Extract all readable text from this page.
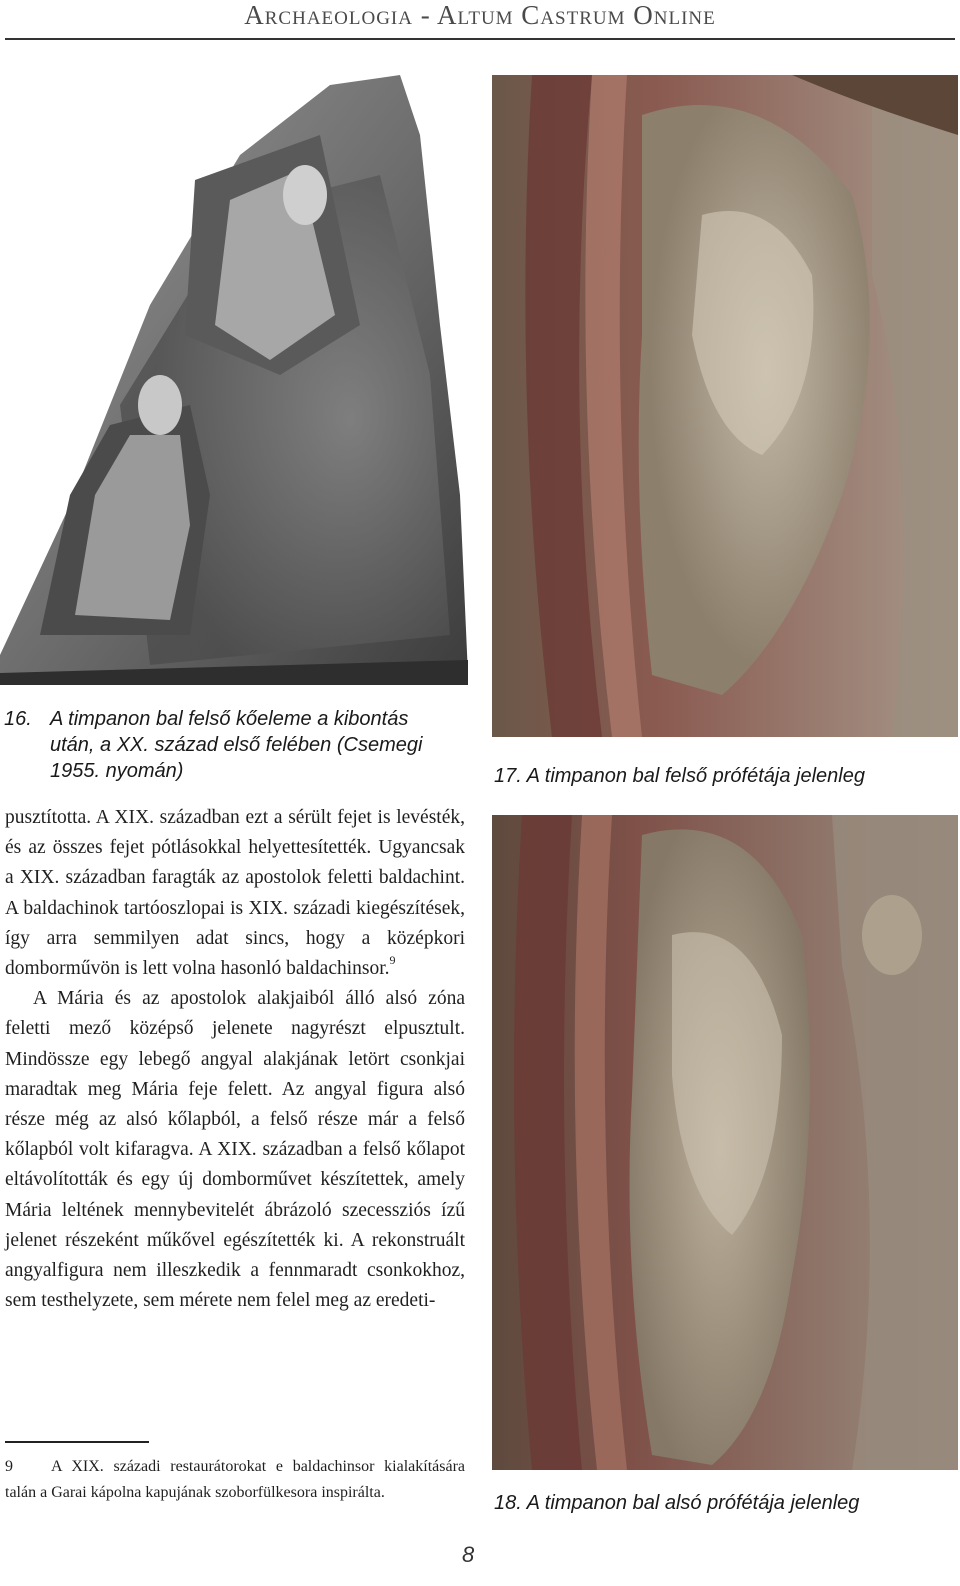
Archaeologia - Altum Castrum Online
16. A timpanon bal felső kőeleme a kibontás
után, a XX. század első felében (Csemegi
1955. nyomán)	17. A timpanon bal felső prófétája jelenleg
18. A timpanon bal alsó prófétája jelenleg

pusztította. A XIX. században ezt a sérült fejet is levésték, és az összes fejet pótlásokkal helyettesítették. Ugyancsak a XIX. században faragták az apostolok feletti baldachint. A baldachinok tartóoszlopai is XIX. századi kiegészítések, így arra semmilyen adat sincs, hogy a középkori domborművön is lett volna hasonló baldachinsor.$^9$

A Mária és az apostolok alakjaiból álló alsó zóna feletti mező középső jelenete nagyrészt elpusztult. Mindössze egy lebegő angyal alakjának letört csonkjai maradtak meg Mária feje felett. Az angyal figura alsó része még az alsó kőlapból, a felső része már a felső kőlapból volt kifaragva. A XIX. században a felső kőlapot eltávolították és egy új domborművet készítettek, amely Mária leltének mennybevitelét ábrázoló szecessziós ízű jelenet részeként műkővel egészítették ki. A rekonstruált angyalfigura nem illeszkedik a fennmaradt csonkokhoz, sem testhelyzete, sem mérete nem felel meg az eredeti-

9 A XIX. századi restaurátorokat e baldachinsor kialakítására talán a Garai kápolna kapujának szoborfülkesora inspirálta.
8
